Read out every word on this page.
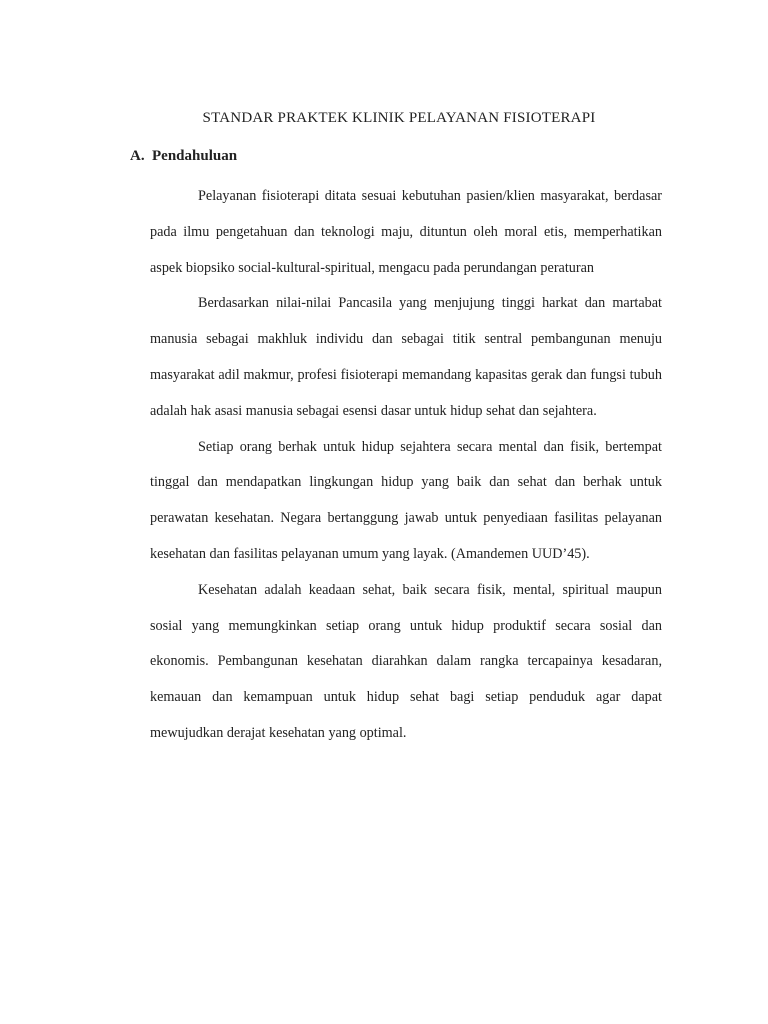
STANDAR PRAKTEK KLINIK PELAYANAN FISIOTERAPI
A. Pendahuluan

Pelayanan fisioterapi ditata sesuai kebutuhan pasien/klien masyarakat, berdasar pada ilmu pengetahuan dan teknologi maju, dituntun oleh moral etis, memperhatikan aspek biopsiko social-kultural-spiritual, mengacu pada perundangan peraturan

Berdasarkan nilai-nilai Pancasila yang menjujung tinggi harkat dan martabat manusia sebagai makhluk individu dan sebagai titik sentral pembangunan menuju masyarakat adil makmur, profesi fisioterapi memandang kapasitas gerak dan fungsi tubuh adalah hak asasi manusia sebagai esensi dasar untuk hidup sehat dan sejahtera.

Setiap orang berhak untuk hidup sejahtera secara mental dan fisik, bertempat tinggal dan mendapatkan lingkungan hidup yang baik dan sehat dan berhak untuk perawatan kesehatan. Negara bertanggung jawab untuk penyediaan fasilitas pelayanan kesehatan dan fasilitas pelayanan umum yang layak. (Amandemen UUD’45).

Kesehatan adalah keadaan sehat, baik secara fisik, mental, spiritual maupun sosial yang memungkinkan setiap orang untuk hidup produktif secara sosial dan ekonomis. Pembangunan kesehatan diarahkan dalam rangka tercapainya kesadaran, kemauan dan kemampuan untuk hidup sehat bagi setiap penduduk agar dapat mewujudkan derajat kesehatan yang optimal.
